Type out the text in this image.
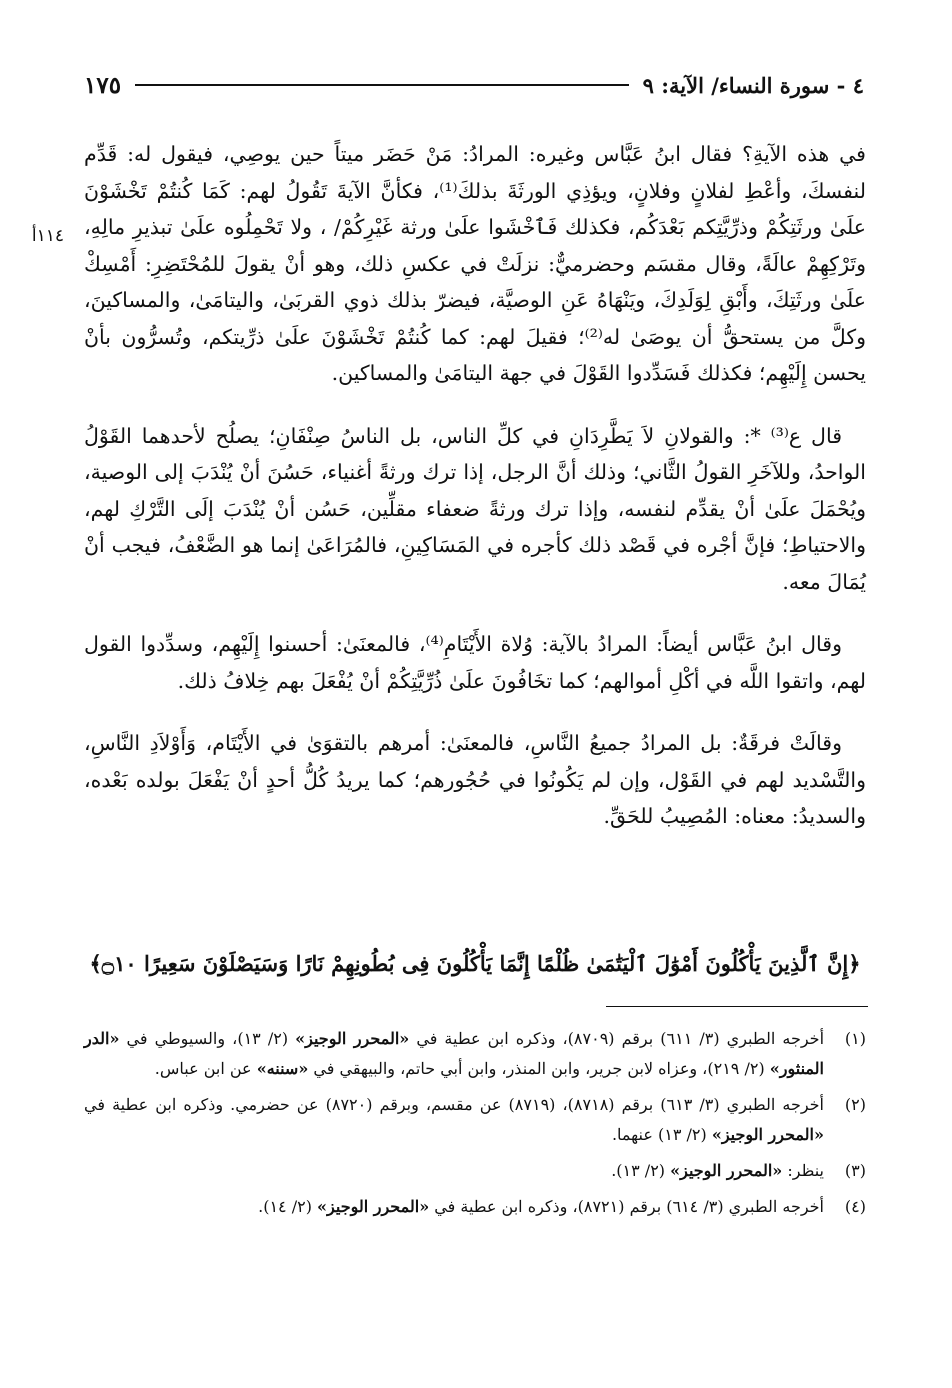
٤ - سورة النساء/ الآية: ٩
١٧٥
١١٤أ

في هذه الآيةِ؟ فقال ابنُ عَبَّاس وغيره: المرادُ: مَنْ حَضَر ميتاً حين يوصِي، فيقول له: قَدِّم لنفسكَ، وأعْطِ لفلانٍ وفلانٍ، ويؤذِي الورثَةَ بذلكَ⁽¹⁾، فكأنَّ الآيةَ تَقُولُ لهم: كَمَا كُنتُمْ تَخْشَوْنَ علَىٰ ورثَتِكُمْ وذرِّيَّتِكم بَعْدَكُم، فكذلك فَٱخْشَوا علَىٰ ورثة غَيْرِكُمْ/ ، ولا تَحْمِلُوه علَىٰ تبذيرِ مالِهِ، وتَرْكِهِمْ عالَةً، وقال مقسَم وحضرميٌّ: نزلَتْ في عكسِ ذلك، وهو أنْ يقولَ للمُحْتَضِرِ: أَمْسِكْ علَىٰ ورثَتِكَ، وأَبْقِ لِوَلَدِكَ، ويَنْهَاهُ عَنِ الوصيَّة، فيضرّ بذلك ذوي القربَىٰ، واليتامَىٰ، والمساكينَ، وكلَّ من يستحقُّ أن يوصَىٰ له⁽²⁾؛ فقيلَ لهم: كما كُنتُمْ تَخْشَوْنَ علَىٰ ذرِّيتكم، وتُسرُّون بأنْ يحسن إِلَيْهِم؛ فكذلك فَسَدِّدوا القَوْلَ في جهة اليتامَىٰ والمساكين.

قال ع⁽³⁾ *: والقولانِ لاَ يَطَّرِدَانِ في كلِّ الناس، بل الناسُ صِنْفَانِ؛ يصلُح لأحدهما القَوْلُ الواحدُ، وللآخَرِ القولُ الثَّاني؛ وذلك أنَّ الرجل، إذا ترك ورثةً أغنياء، حَسُنَ أنْ يُنْدَبَ إلى الوصية، ويُحْمَلَ علَىٰ أنْ يقدِّم لنفسه، وإذا ترك ورثةً ضعفاء مقلِّين، حَسُن أنْ يُنْدَبَ إلَى التَّرْكِ لهم، والاحتياطِ؛ فإنَّ أجْره في قَصْد ذلك كأجره في المَسَاكِينِ، فالمُرَاعَىٰ إنما هو الضَّعْفُ، فيجب أنْ يُمَالَ معه.

وقال ابنُ عَبَّاس أيضاً: المرادُ بالآية: وُلاة الأَيْتَامِ⁽⁴⁾، فالمعنَىٰ: أحسنوا إِلَيْهِم، وسدِّدوا القول لهم، واتقوا اللَّه في أكْلِ أموالهم؛ كما تخَافُونَ علَىٰ ذُرِّيَّتِكُمْ أنْ يُفْعَلَ بهم خِلافُ ذلك.

وقالَتْ فرقَةٌ: بل المرادُ جميعُ النَّاسِ، فالمعنَىٰ: أمرهم بالتقوَىٰ في الأَيْتَام، وَأَوْلاَدِ النَّاسِ، والتَّسْديد لهم في القَوْل، وإن لم يَكُونُوا في حُجُورهم؛ كما يريدُ كُلُّ أحدٍ أنْ يَفْعَلَ بولده بَعْده، والسديدُ: معناه: المُصِيبُ للحَقِّ.

﴿إِنَّ ٱلَّذِينَ يَأْكُلُونَ أَمْوَٰلَ ٱلْيَتَٰمَىٰ ظُلْمًا إِنَّمَا يَأْكُلُونَ فِى بُطُونِهِمْ نَارًا وَسَيَصْلَوْنَ سَعِيرًا ۝١٠﴾
(١)
أخرجه الطبري (٣/ ٦١١) برقم (٨٧٠٩)، وذكره ابن عطية في «المحرر الوجيز» (٢/ ١٣)، والسيوطي في «الدر المنثور» (٢/ ٢١٩)، وعزاه لابن جرير، وابن المنذر، وابن أبي حاتم، والبيهقي في «سننه» عن ابن عباس.
(٢)
أخرجه الطبري (٣/ ٦١٣) برقم (٨٧١٨)، (٨٧١٩) عن مقسم، وبرقم (٨٧٢٠) عن حضرمي. وذكره ابن عطية في «المحرر الوجيز» (٢/ ١٣) عنهما.
(٣)
ينظر: «المحرر الوجيز» (٢/ ١٣).
(٤)
أخرجه الطبري (٣/ ٦١٤) برقم (٨٧٢١)، وذكره ابن عطية في «المحرر الوجيز» (٢/ ١٤).
